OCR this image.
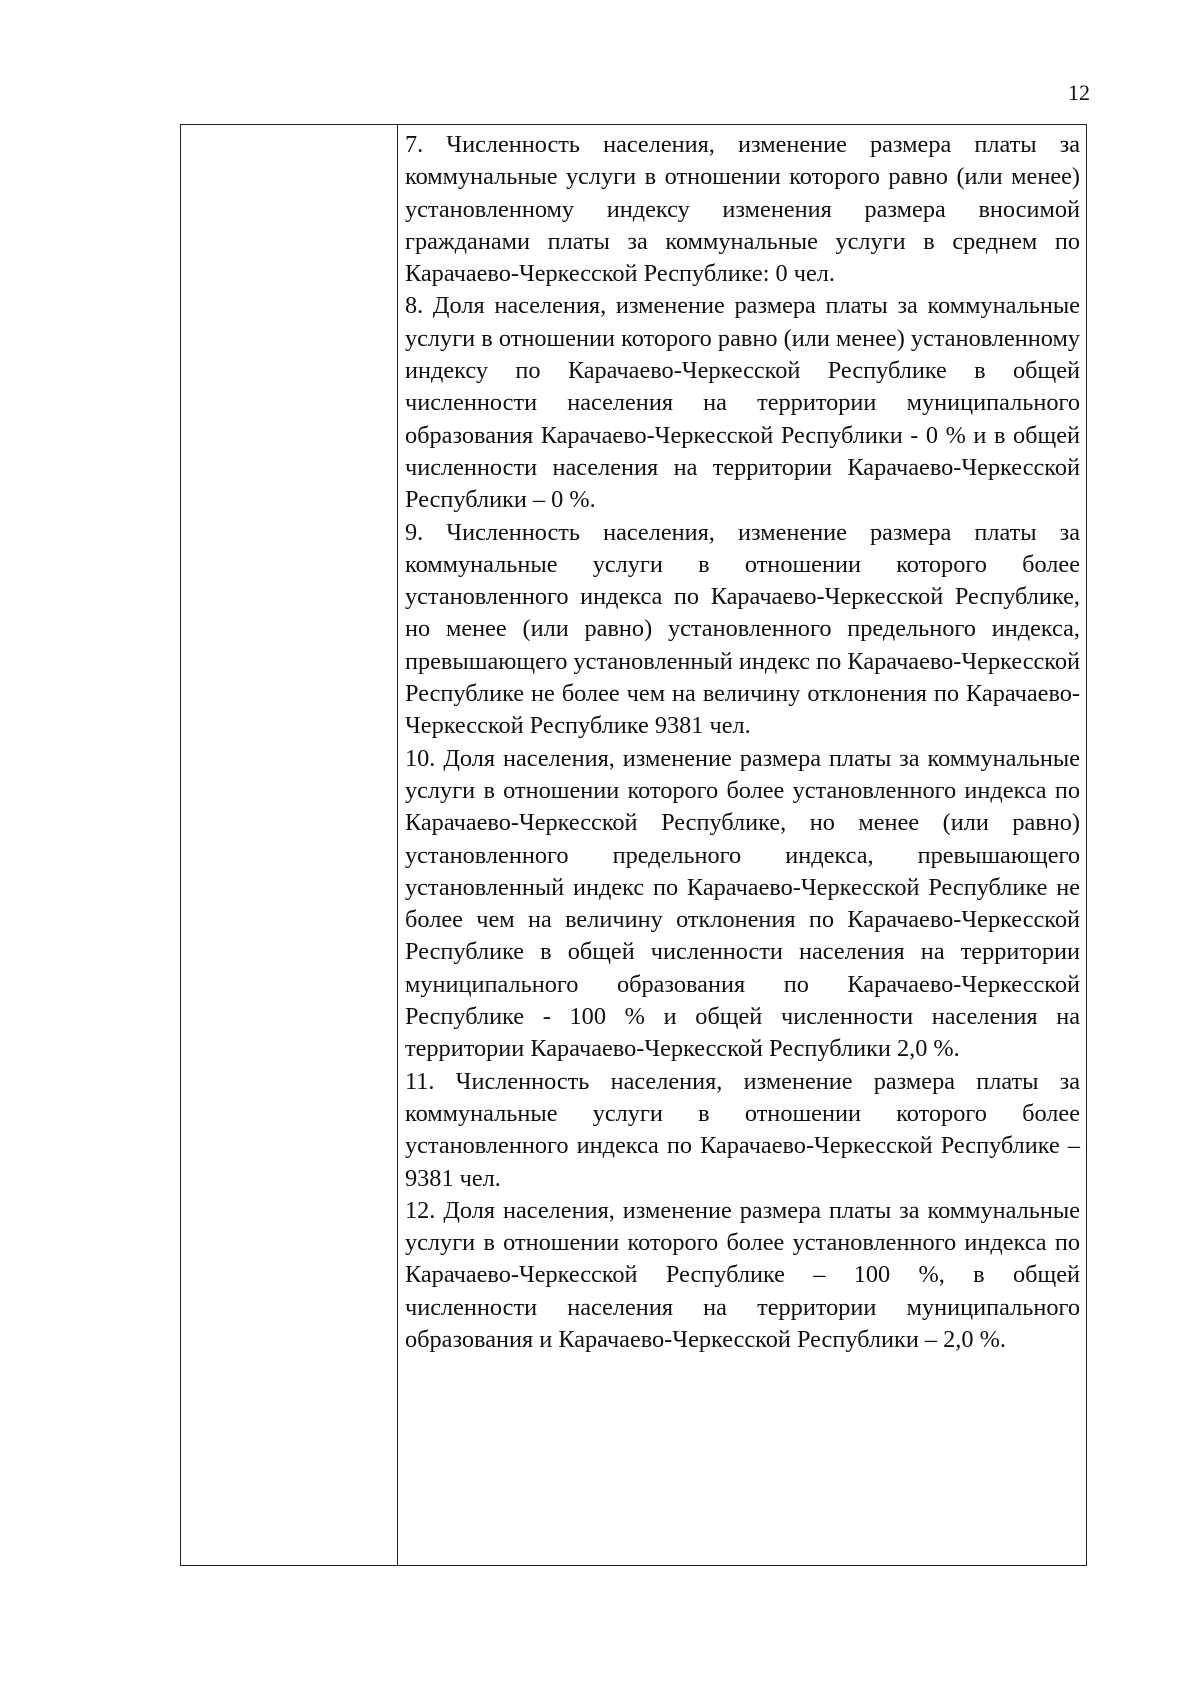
12

7. Численность населения, изменение размера платы за коммунальные услуги в отношении которого равно (или менее) установленному индексу изменения размера вносимой гражданами платы за коммунальные услуги в среднем по Карачаево-Черкесской Республике: 0 чел.

8. Доля населения, изменение размера платы за коммунальные услуги в отношении которого равно (или менее) установленному индексу по Карачаево-Черкесской Республике в общей численности населения на территории муниципального образования Карачаево-Черкесской Республики - 0 % и в общей численности населения на территории Карачаево-Черкесской Республики – 0 %.

9. Численность населения, изменение размера платы за коммунальные услуги в отношении которого более установленного индекса по Карачаево-Черкесской Республике, но менее (или равно) установленного предельного индекса, превышающего установленный индекс по Карачаево-Черкесской Республике не более чем на величину отклонения по Карачаево-Черкесской Республике 9381 чел.

10. Доля населения, изменение размера платы за коммунальные услуги в отношении которого более установленного индекса по Карачаево-Черкесской Республике, но менее (или равно) установленного предельного индекса, превышающего установленный индекс по Карачаево-Черкесской Республике не более чем на величину отклонения по Карачаево-Черкесской Республике в общей численности населения на территории муниципального образования по Карачаево-Черкесской Республике - 100 % и общей численности населения на территории Карачаево-Черкесской Республики 2,0 %.

11. Численность населения, изменение размера платы за коммунальные услуги в отношении которого более установленного индекса по Карачаево-Черкесской Республике – 9381 чел.

12. Доля населения, изменение размера платы за коммунальные услуги в отношении которого более установленного индекса по Карачаево-Черкесской Республике – 100 %, в общей численности населения на территории муниципального образования и Карачаево-Черкесской Республики – 2,0 %.
